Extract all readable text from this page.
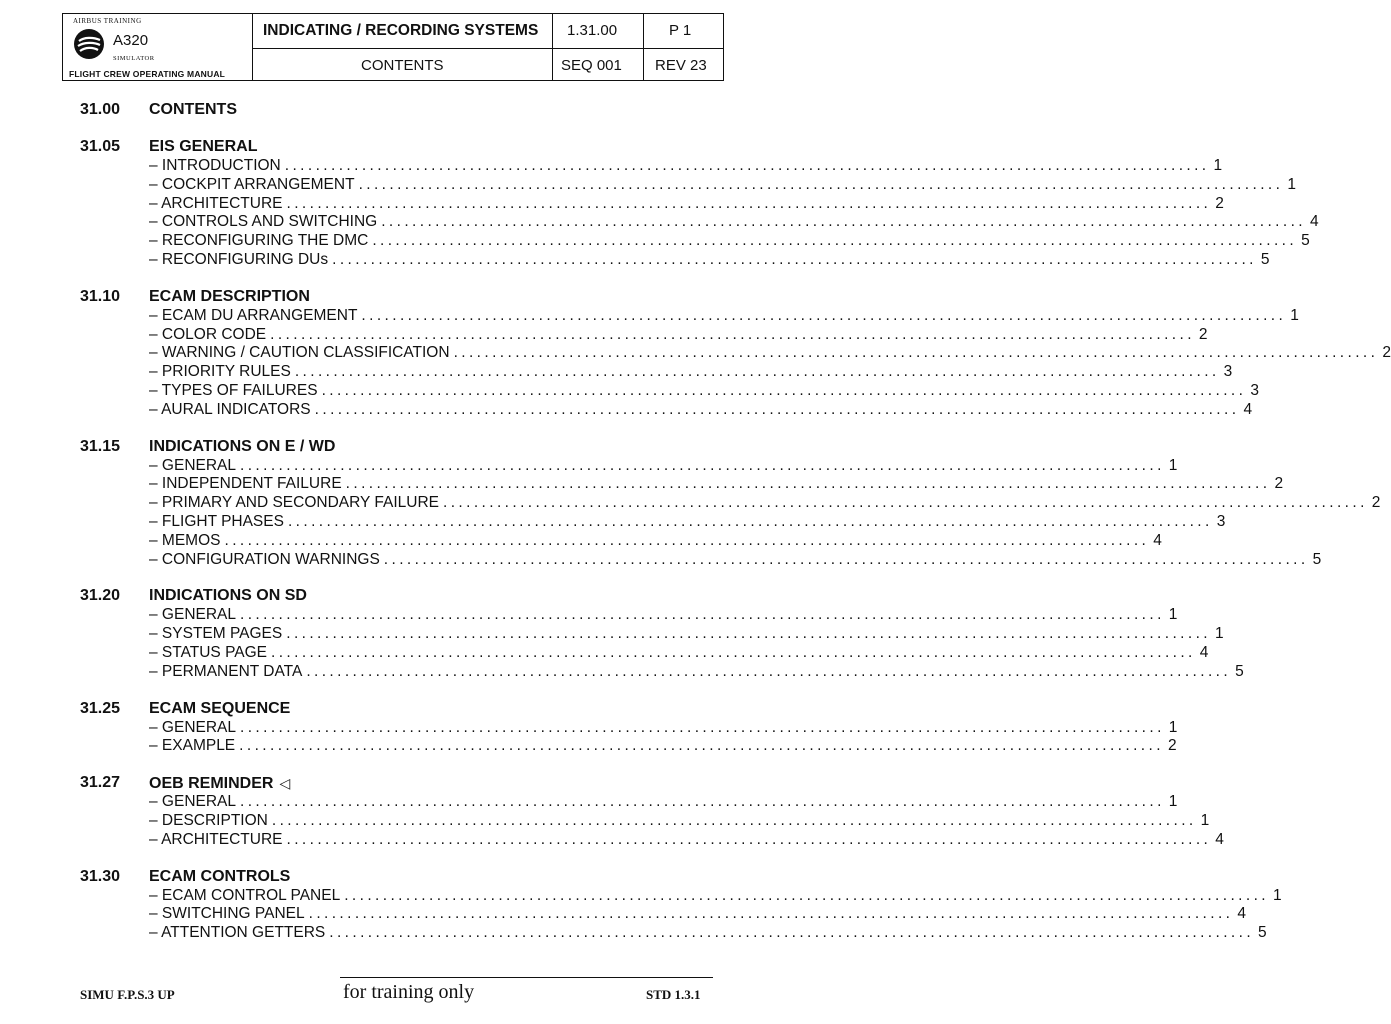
AIRBUS TRAINING
A320
SIMULATOR
FLIGHT CREW OPERATING MANUAL
INDICATING / RECORDING SYSTEMS
CONTENTS
1.31.00	P 1
SEQ 001 REV 23
31.00	CONTENTS
31.05	EIS GENERAL
– INTRODUCTION ........................................................................................................................ 1
– COCKPIT ARRANGEMENT ........................................................................................................................ 1
– ARCHITECTURE ........................................................................................................................ 2
– CONTROLS AND SWITCHING ........................................................................................................................ 4
– RECONFIGURING THE DMC ........................................................................................................................ 5
– RECONFIGURING DUs ........................................................................................................................ 5
31.10	ECAM DESCRIPTION
– ECAM DU ARRANGEMENT ........................................................................................................................ 1
– COLOR CODE ........................................................................................................................ 2
– WARNING / CAUTION CLASSIFICATION ........................................................................................................................ 2
– PRIORITY RULES ........................................................................................................................ 3
– TYPES OF FAILURES ........................................................................................................................ 3
– AURAL INDICATORS ........................................................................................................................ 4
31.15	INDICATIONS ON E / WD
– GENERAL ........................................................................................................................ 1
– INDEPENDENT FAILURE ........................................................................................................................ 2
– PRIMARY AND SECONDARY FAILURE ........................................................................................................................ 2
– FLIGHT PHASES ........................................................................................................................ 3
– MEMOS ........................................................................................................................ 4
– CONFIGURATION WARNINGS ........................................................................................................................ 5
31.20	INDICATIONS ON SD
– GENERAL ........................................................................................................................ 1
– SYSTEM PAGES ........................................................................................................................ 1
– STATUS PAGE ........................................................................................................................ 4
– PERMANENT DATA ........................................................................................................................ 5
31.25	ECAM SEQUENCE
– GENERAL ........................................................................................................................ 1
– EXAMPLE ........................................................................................................................ 2
31.27	OEB REMINDER ◁
– GENERAL ........................................................................................................................ 1
– DESCRIPTION ........................................................................................................................ 1
– ARCHITECTURE ........................................................................................................................ 4
31.30	ECAM CONTROLS
– ECAM CONTROL PANEL ........................................................................................................................ 1
– SWITCHING PANEL ........................................................................................................................ 4
– ATTENTION GETTERS ........................................................................................................................ 5
SIMU F.P.S.3 UP	for training only	STD 1.3.1
